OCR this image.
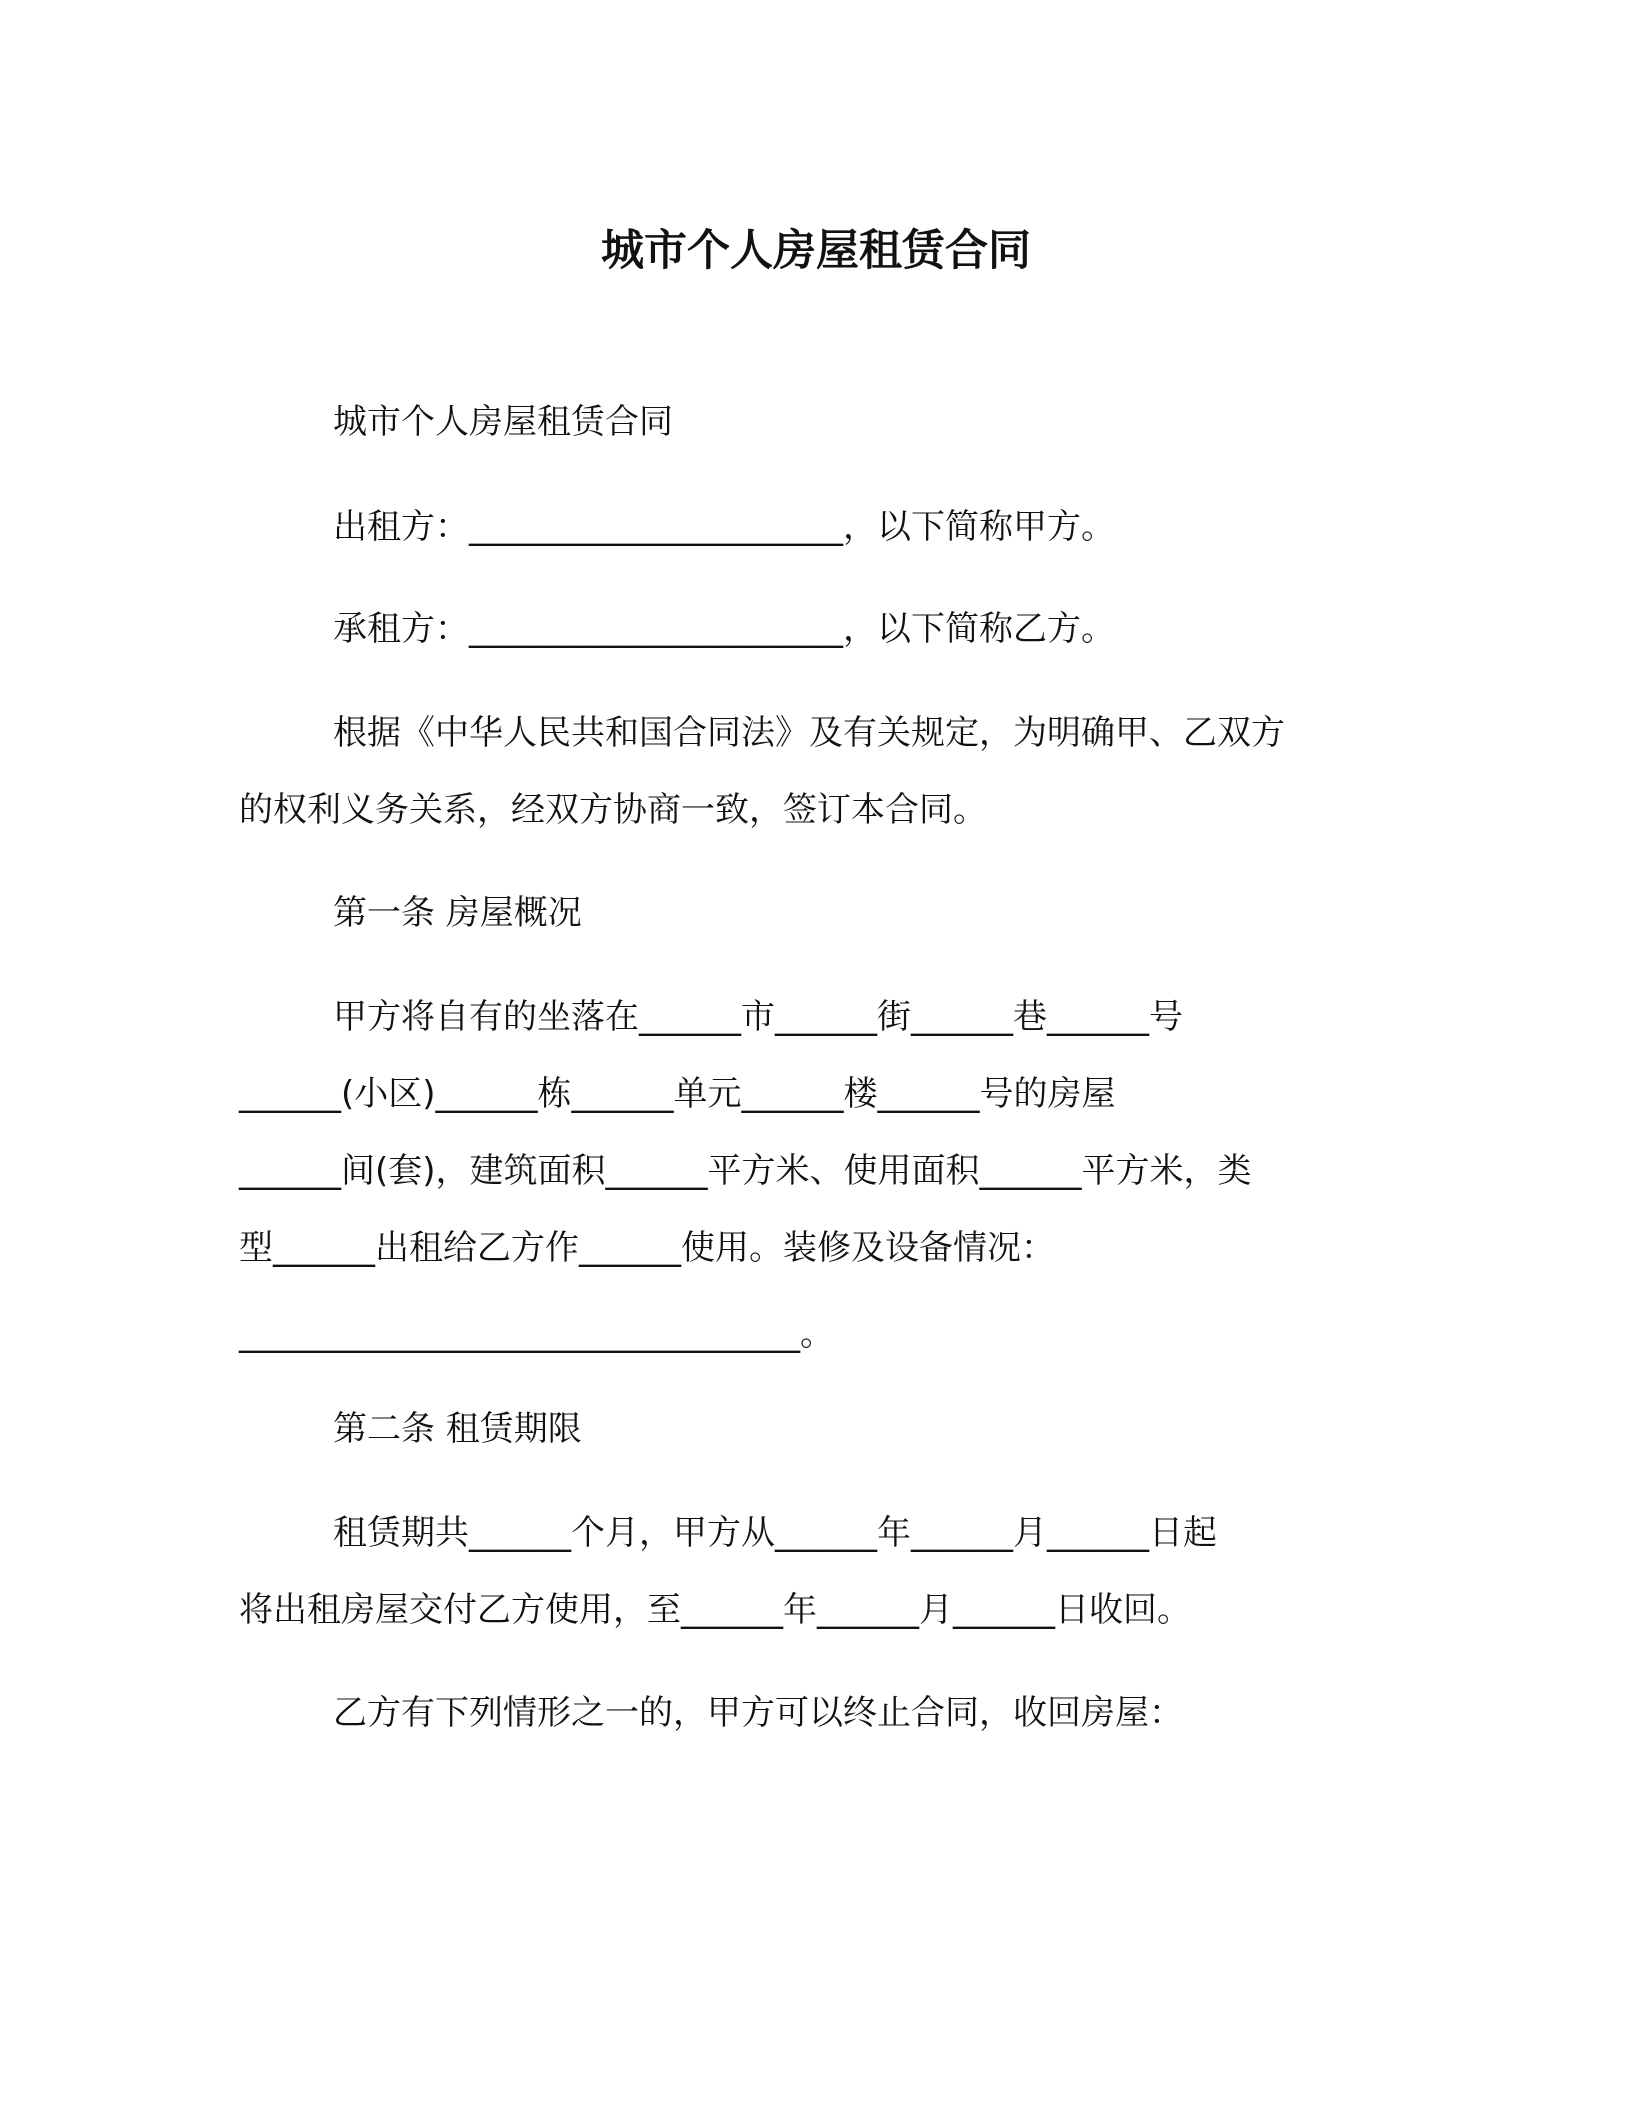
城市个人房屋租赁合同

城市个人房屋租赁合同

出租方：______________________，以下简称甲方。

承租方：______________________，以下简称乙方。

根据《中华人民共和国合同法》及有关规定，为明确甲、乙双方

的权利义务关系，经双方协商一致，签订本合同。

第一条 房屋概况

甲方将自有的坐落在______市______街______巷______号

______(小区)______栋______单元______楼______号的房屋

______间(套)，建筑面积______平方米、使用面积______平方米，类

型______出租给乙方作______使用。装修及设备情况：

_________________________________。

第二条 租赁期限

租赁期共______个月，甲方从______年______月______日起

将出租房屋交付乙方使用，至______年______月______日收回。

乙方有下列情形之一的，甲方可以终止合同，收回房屋：
